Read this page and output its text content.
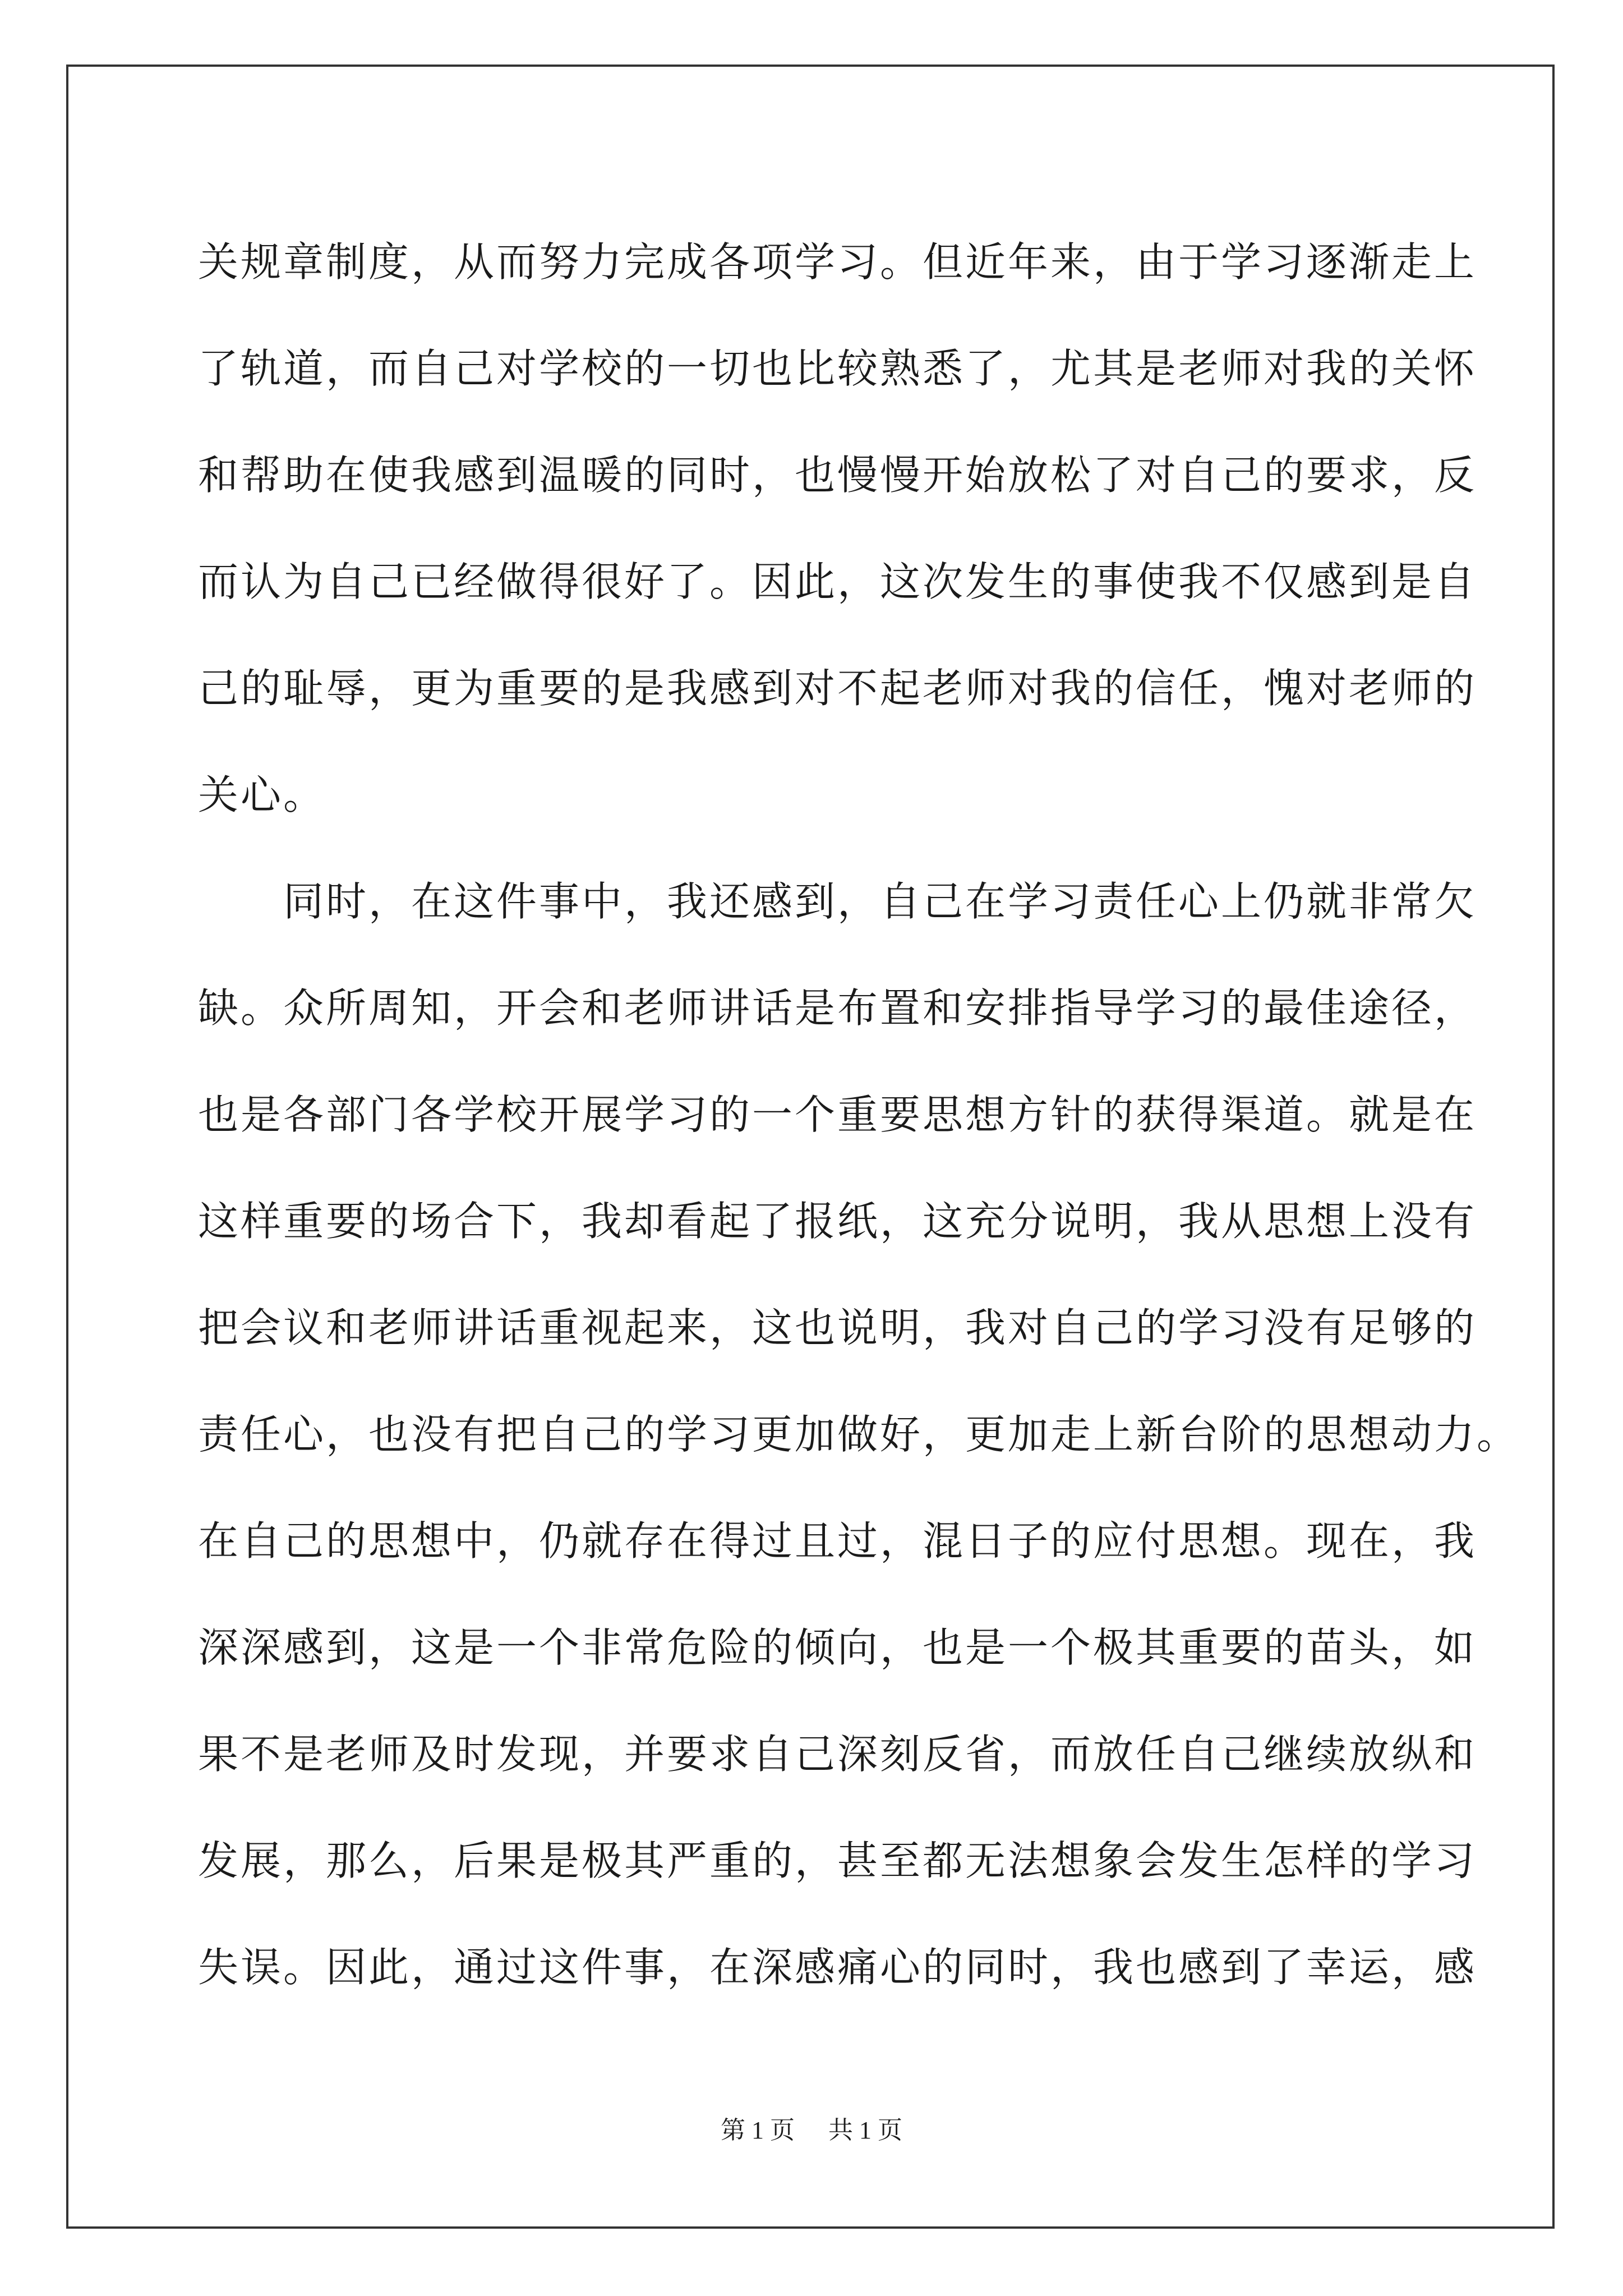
关规章制度，从而努力完成各项学习。但近年来，由于学习逐渐走上
了轨道，而自己对学校的一切也比较熟悉了，尤其是老师对我的关怀
和帮助在使我感到温暖的同时，也慢慢开始放松了对自己的要求，反
而认为自己已经做得很好了。因此，这次发生的事使我不仅感到是自
己的耻辱，更为重要的是我感到对不起老师对我的信任，愧对老师的
关心。
同时，在这件事中，我还感到，自己在学习责任心上仍就非常欠
缺。众所周知，开会和老师讲话是布置和安排指导学习的最佳途径，
也是各部门各学校开展学习的一个重要思想方针的获得渠道。就是在
这样重要的场合下，我却看起了报纸，这充分说明，我从思想上没有
把会议和老师讲话重视起来，这也说明，我对自己的学习没有足够的
责任心，也没有把自己的学习更加做好，更加走上新台阶的思想动力。
在自己的思想中，仍就存在得过且过，混日子的应付思想。现在，我
深深感到，这是一个非常危险的倾向，也是一个极其重要的苗头，如
果不是老师及时发现，并要求自己深刻反省，而放任自己继续放纵和
发展，那么，后果是极其严重的，甚至都无法想象会发生怎样的学习
失误。因此，通过这件事，在深感痛心的同时，我也感到了幸运，感
第 1 页 共 1 页
